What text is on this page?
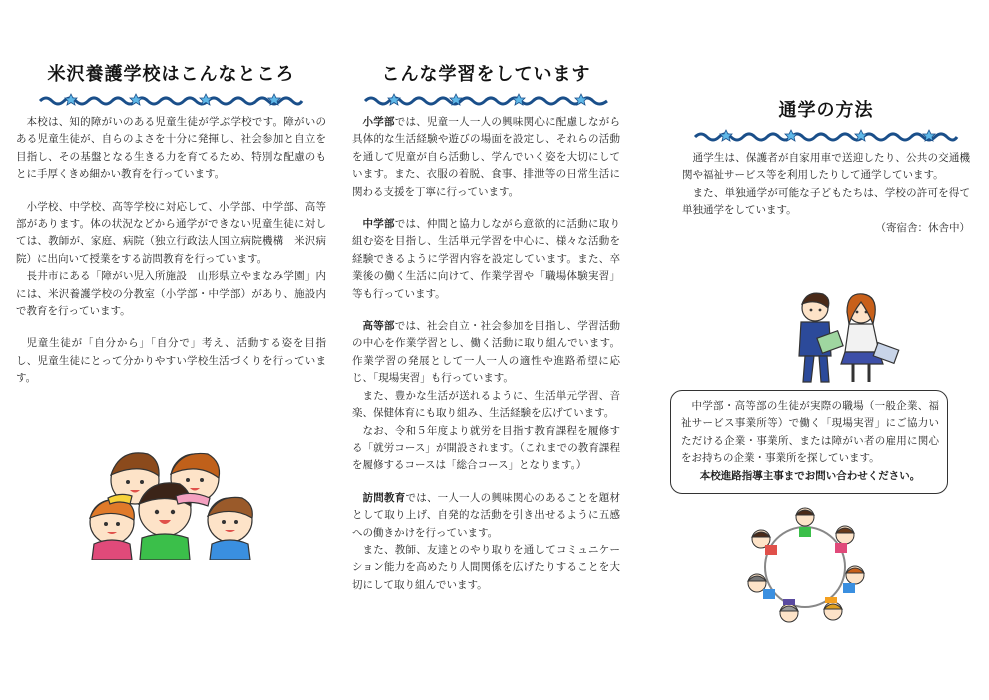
米沢養護学校はこんなところ

本校は、知的障がいのある児童生徒が学ぶ学校です。障がいのある児童生徒が、自らのよさを十分に発揮し、社会参加と自立を目指し、その基盤となる生きる力を育てるため、特別な配慮のもとに手厚くきめ細かい教育を行っています。

小学校、中学校、高等学校に対応して、小学部、中学部、高等部があります。体の状況などから通学ができない児童生徒に対しては、教師が、家庭、病院（独立行政法人国立病院機構　米沢病院）に出向いて授業をする訪問教育を行っています。

長井市にある「障がい児入所施設　山形県立やまなみ学園」内には、米沢養護学校の分教室（小学部・中学部）があり、施設内で教育を行っています。

児童生徒が「自分から」「自分で」考え、活動する姿を目指し、児童生徒にとって分かりやすい学校生活づくりを行っています。

こんな学習をしています

小学部では、児童一人一人の興味関心に配慮しながら具体的な生活経験や遊びの場面を設定し、それらの活動を通して児童が自ら活動し、学んでいく姿を大切にしています。また、衣服の着脱、食事、排泄等の日常生活に関わる支援を丁寧に行っています。

中学部では、仲間と協力しながら意欲的に活動に取り組む姿を目指し、生活単元学習を中心に、様々な活動を経験できるように学習内容を設定しています。また、卒業後の働く生活に向けて、作業学習や「職場体験実習」等も行っています。

高等部では、社会自立・社会参加を目指し、学習活動の中心を作業学習とし、働く活動に取り組んでいます。作業学習の発展として一人一人の適性や進路希望に応じ、「現場実習」も行っています。

また、豊かな生活が送れるように、生活単元学習、音楽、保健体育にも取り組み、生活経験を広げています。

なお、令和５年度より就労を目指す教育課程を履修する「就労コース」が開設されます。（これまでの教育課程を履修するコースは「総合コース」となります。）

訪問教育では、一人一人の興味関心のあることを題材として取り上げ、自発的な活動を引き出せるように五感への働きかけを行っています。

また、教師、友達とのやり取りを通してコミュニケーション能力を高めたり人間関係を広げたりすることを大切にして取り組んでいます。

通学の方法

通学生は、保護者が自家用車で送迎したり、公共の交通機関や福祉サービス等を利用したりして通学しています。

また、単独通学が可能な子どもたちは、学校の許可を得て単独通学をしています。

（寄宿舎：休舎中）

中学部・高等部の生徒が実際の職場（一般企業、福祉サービス事業所等）で働く「現場実習」にご協力いただける企業・事業所、または障がい者の雇用に関心をお持ちの企業・事業所を探しています。

本校進路指導主事までお問い合わせください。
